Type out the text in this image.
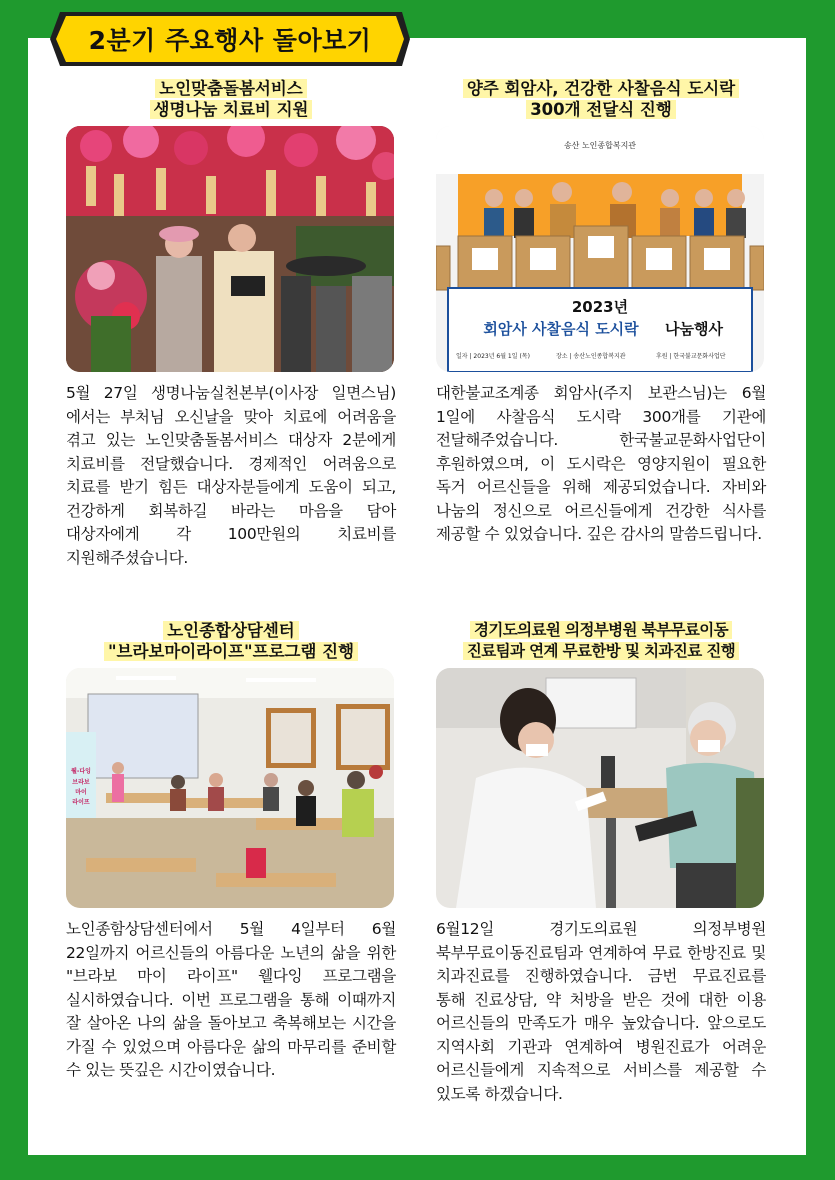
2분기 주요행사 돌아보기
노인맞춤돌봄서비스
생명나눔 치료비 지원
5월 27일 생명나눔실천본부(이사장 일면스님)에서는 부처님 오신날을 맞아 치료에 어려움을 겪고 있는 노인맞춤돌봄서비스 대상자 2분에게 치료비를 전달했습니다. 경제적인 어려움으로 치료를 받기 힘든 대상자분들에게 도움이 되고, 건강하게 회복하길 바라는 마음을 담아 대상자에게 각 100만원의 치료비를 지원해주셨습니다.
양주 회암사, 건강한 사찰음식 도시락
300개 전달식 진행
송산 노인종합복지관
2023년
회암사 사찰음식 도시락 나눔행사
일자 | 2023년 6월 1일 (목)	장소 | 송산노인종합복지관	후원 | 한국불교문화사업단
대한불교조계종 회암사(주지 보관스님)는 6월 1일에 사찰음식 도시락 300개를 기관에 전달해주었습니다. 한국불교문화사업단이 후원하였으며, 이 도시락은 영양지원이 필요한 독거 어르신들을 위해 제공되었습니다. 자비와 나눔의 정신으로 어르신들에게 건강한 식사를 제공할 수 있었습니다. 깊은 감사의 말씀드립니다.
노인종합상담센터
"브라보마이라이프"프로그램 진행
웰-다잉
브라보
마이
라이프
노인종함상담센터에서 5월 4일부터 6월 22일까지 어르신들의 아름다운 노년의 삶을 위한 "브라보 마이 라이프" 웰다잉 프로그램을 실시하였습니다. 이번 프로그램을 통해 이때까지 잘 살아온 나의 삶을 돌아보고 축복해보는 시간을 가질 수 있었으며 아름다운 삶의 마무리를 준비할 수 있는 뜻깊은 시간이였습니다.
경기도의료원 의정부병원 북부무료이동
진료팀과 연계 무료한방 및 치과진료 진행
6월12일 경기도의료원 의정부병원 북부무료이동진료팀과 연계하여 무료 한방진료 및 치과진료를 진행하였습니다. 금번 무료진료를 통해 진료상담, 약 처방을 받은 것에 대한 이용 어르신들의 만족도가 매우 높았습니다. 앞으로도 지역사회 기관과 연계하여 병원진료가 어려운 어르신들에게 지속적으로 서비스를 제공할 수 있도록 하겠습니다.
